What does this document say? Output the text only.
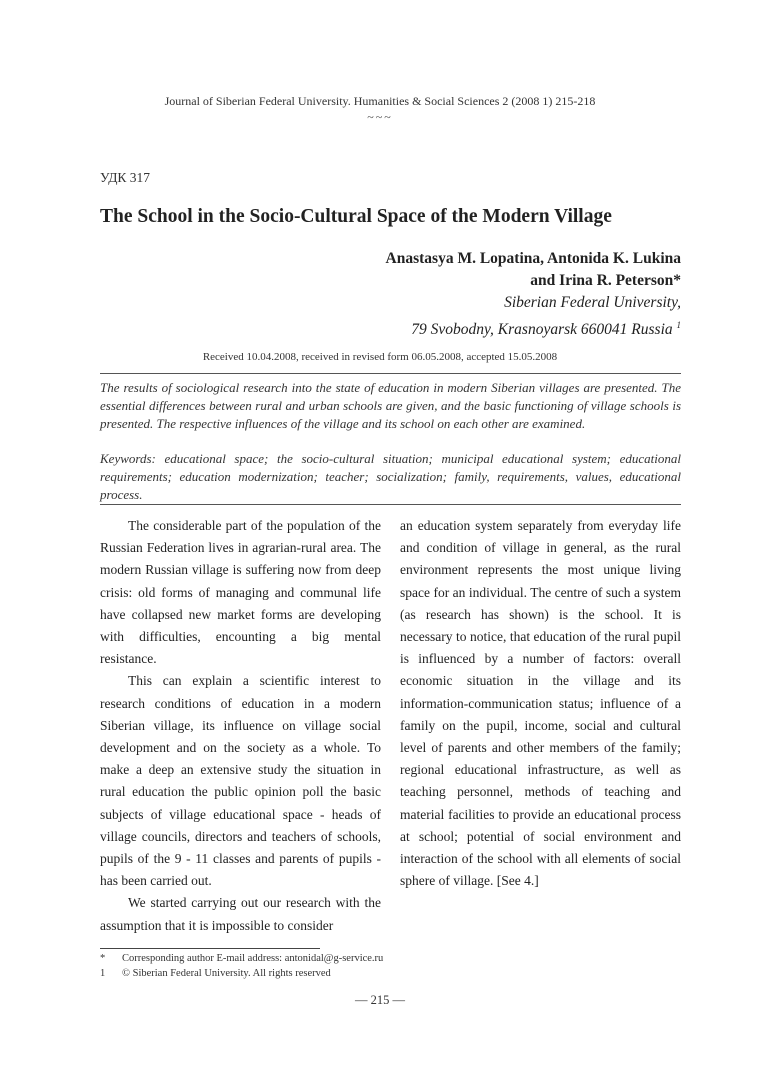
Journal of Siberian Federal University. Humanities & Social Sciences 2 (2008 1) 215-218
~~~
УДК 317
The School in the Socio-Cultural Space of the Modern Village
Anastasya M. Lopatina, Antonida K. Lukina
and Irina R. Peterson*
Siberian Federal University,
79 Svobodny, Krasnoyarsk 660041 Russia $^1$
Received 10.04.2008, received in revised form 06.05.2008, accepted 15.05.2008
The results of sociological research into the state of education in modern Siberian villages are presented. The essential differences between rural and urban schools are given, and the basic functioning of village schools is presented. The respective influences of the village and its school on each other are examined.
Keywords: educational space; the socio-cultural situation; municipal educational system; educational requirements; education modernization; teacher; socialization; family, requirements, values, educational process.

The considerable part of the population of the Russian Federation lives in agrarian-rural area. The modern Russian village is suffering now from deep crisis: old forms of managing and communal life have collapsed new market forms are developing with difficulties, encounting a big mental resistance.

This can explain a scientific interest to research conditions of education in a modern Siberian village, its influence on village social development and on the society as a whole. To make a deep an extensive study the situation in rural education the public opinion poll the basic subjects of village educational space - heads of village councils, directors and teachers of schools, pupils of the 9 - 11 classes and parents of pupils - has been carried out.

We started carrying out our research with the assumption that it is impossible to consider

an education system separately from everyday life and condition of village in general, as the rural environment represents the most unique living space for an individual. The centre of such a system (as research has shown) is the school. It is necessary to notice, that education of the rural pupil is influenced by a number of factors: overall economic situation in the village and its information-communication status; influence of a family on the pupil, income, social and cultural level of parents and other members of the family; regional educational infrastructure, as well as teaching personnel, methods of teaching and material facilities to provide an educational process at school; potential of social environment and interaction of the school with all elements of social sphere of village. [See 4.]

* Corresponding author E-mail address: antonidal@g-service.ru
1 © Siberian Federal University. All rights reserved
— 215 —
